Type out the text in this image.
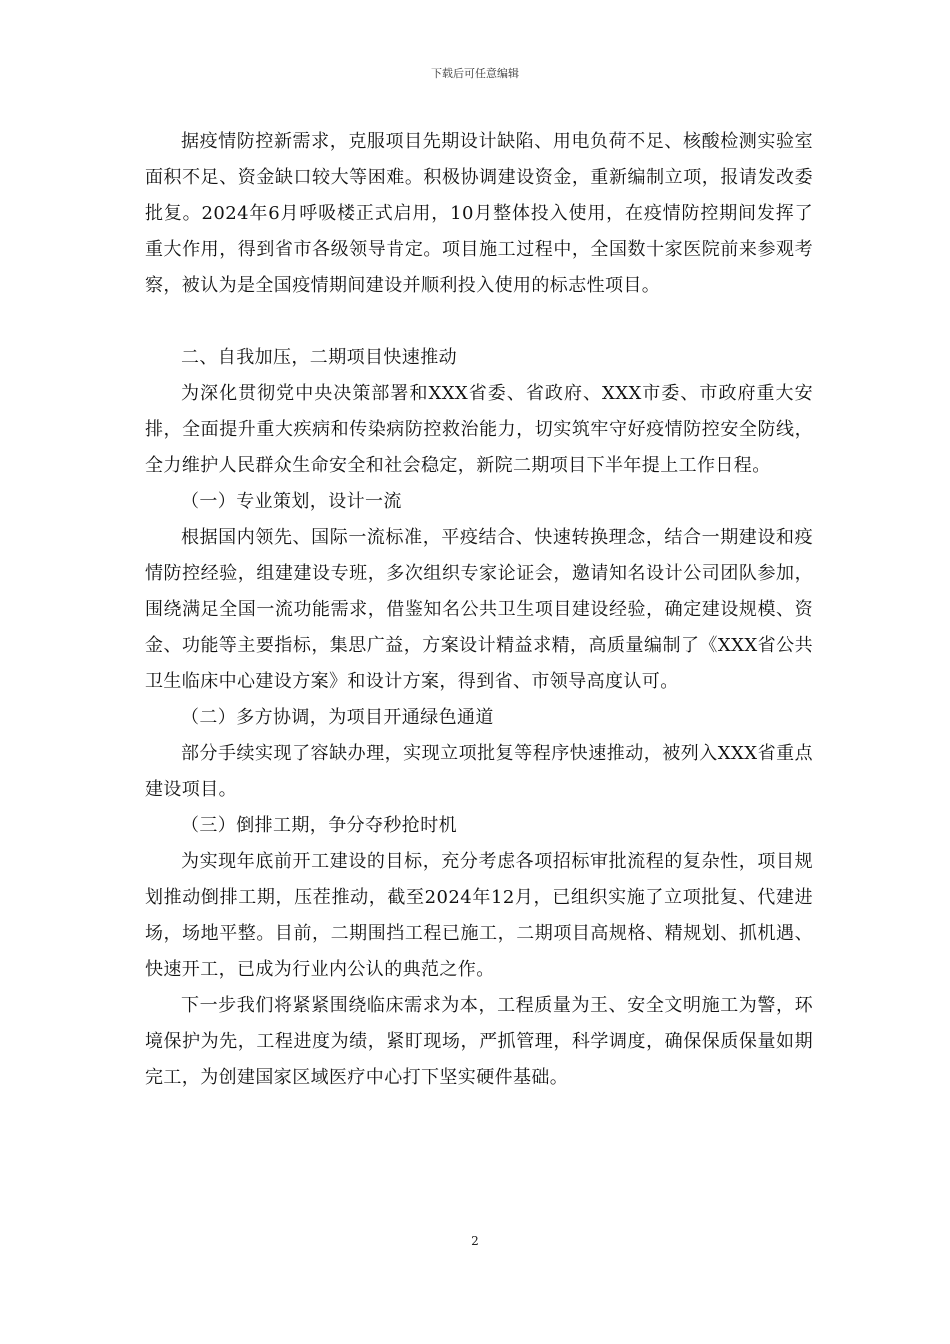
下载后可任意编辑

据疫情防控新需求，克服项目先期设计缺陷、用电负荷不足、核酸检测实验室面积不足、资金缺口较大等困难。积极协调建设资金，重新编制立项，报请发改委批复。2024年6月呼吸楼正式启用，10月整体投入使用，在疫情防控期间发挥了重大作用，得到省市各级领导肯定。项目施工过程中，全国数十家医院前来参观考察，被认为是全国疫情期间建设并顺利投入使用的标志性项目。

二、自我加压，二期项目快速推动

为深化贯彻党中央决策部署和XXX省委、省政府、XXX市委、市政府重大安排，全面提升重大疾病和传染病防控救治能力，切实筑牢守好疫情防控安全防线，全力维护人民群众生命安全和社会稳定，新院二期项目下半年提上工作日程。

（一）专业策划，设计一流

根据国内领先、国际一流标准，平疫结合、快速转换理念，结合一期建设和疫情防控经验，组建建设专班，多次组织专家论证会，邀请知名设计公司团队参加，围绕满足全国一流功能需求，借鉴知名公共卫生项目建设经验，确定建设规模、资金、功能等主要指标，集思广益，方案设计精益求精，高质量编制了《XXX省公共卫生临床中心建设方案》和设计方案，得到省、市领导高度认可。

（二）多方协调，为项目开通绿色通道

部分手续实现了容缺办理，实现立项批复等程序快速推动，被列入XXX省重点建设项目。

（三）倒排工期，争分夺秒抢时机

为实现年底前开工建设的目标，充分考虑各项招标审批流程的复杂性，项目规划推动倒排工期，压茬推动，截至2024年12月，已组织实施了立项批复、代建进场，场地平整。目前，二期围挡工程已施工，二期项目高规格、精规划、抓机遇、快速开工，已成为行业内公认的典范之作。

下一步我们将紧紧围绕临床需求为本，工程质量为王、安全文明施工为警，环境保护为先，工程进度为绩，紧盯现场，严抓管理，科学调度，确保保质保量如期完工，为创建国家区域医疗中心打下坚实硬件基础。

2
